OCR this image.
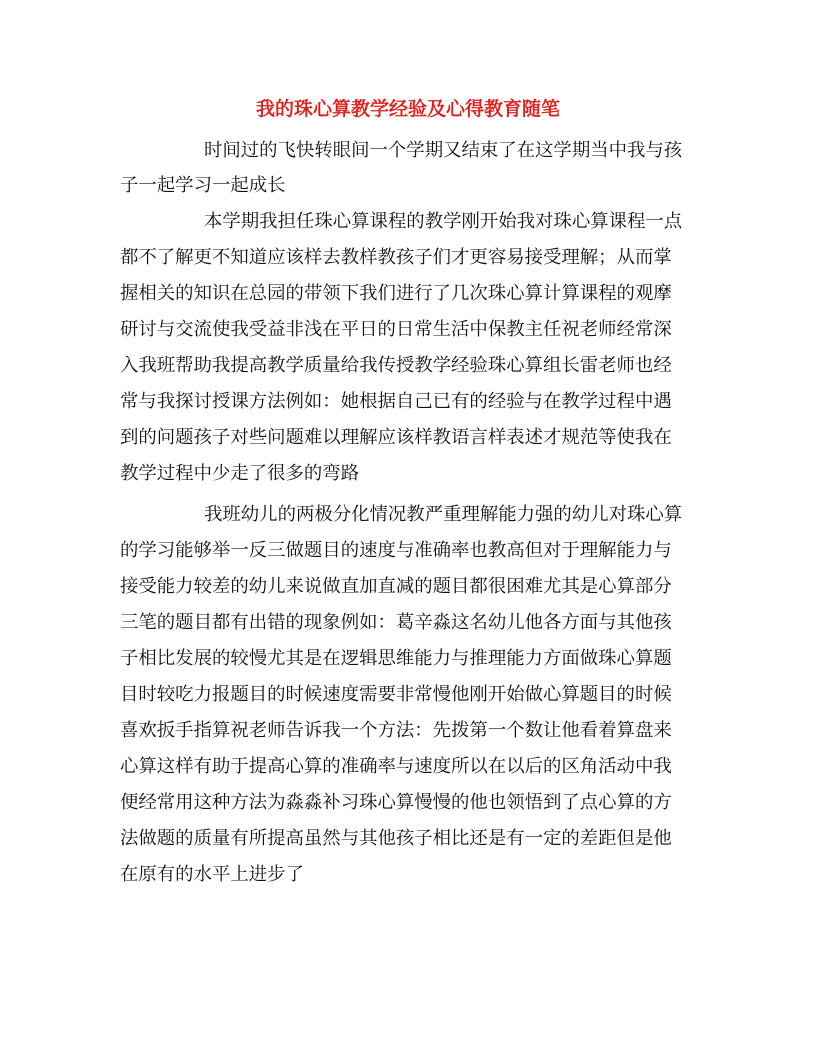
我的珠心算教学经验及心得教育随笔
时间过的飞快转眼间一个学期又结束了在这学期当中我与孩
子一起学习一起成长
本学期我担任珠心算课程的教学刚开始我对珠心算课程一点
都不了解更不知道应该样去教样教孩子们才更容易接受理解；从而掌
握相关的知识在总园的带领下我们进行了几次珠心算计算课程的观摩
研讨与交流使我受益非浅在平日的日常生活中保教主任祝老师经常深
入我班帮助我提高教学质量给我传授教学经验珠心算组长雷老师也经
常与我探讨授课方法例如：她根据自己已有的经验与在教学过程中遇
到的问题孩子对些问题难以理解应该样教语言样表述才规范等使我在
教学过程中少走了很多的弯路
我班幼儿的两极分化情况教严重理解能力强的幼儿对珠心算
的学习能够举一反三做题目的速度与准确率也教高但对于理解能力与
接受能力较差的幼儿来说做直加直减的题目都很困难尤其是心算部分
三笔的题目都有出错的现象例如：葛辛淼这名幼儿他各方面与其他孩
子相比发展的较慢尤其是在逻辑思维能力与推理能力方面做珠心算题
目时较吃力报题目的时候速度需要非常慢他刚开始做心算题目的时候
喜欢扳手指算祝老师告诉我一个方法：先拨第一个数让他看着算盘来
心算这样有助于提高心算的准确率与速度所以在以后的区角活动中我
便经常用这种方法为淼淼补习珠心算慢慢的他也领悟到了点心算的方
法做题的质量有所提高虽然与其他孩子相比还是有一定的差距但是他
在原有的水平上进步了
